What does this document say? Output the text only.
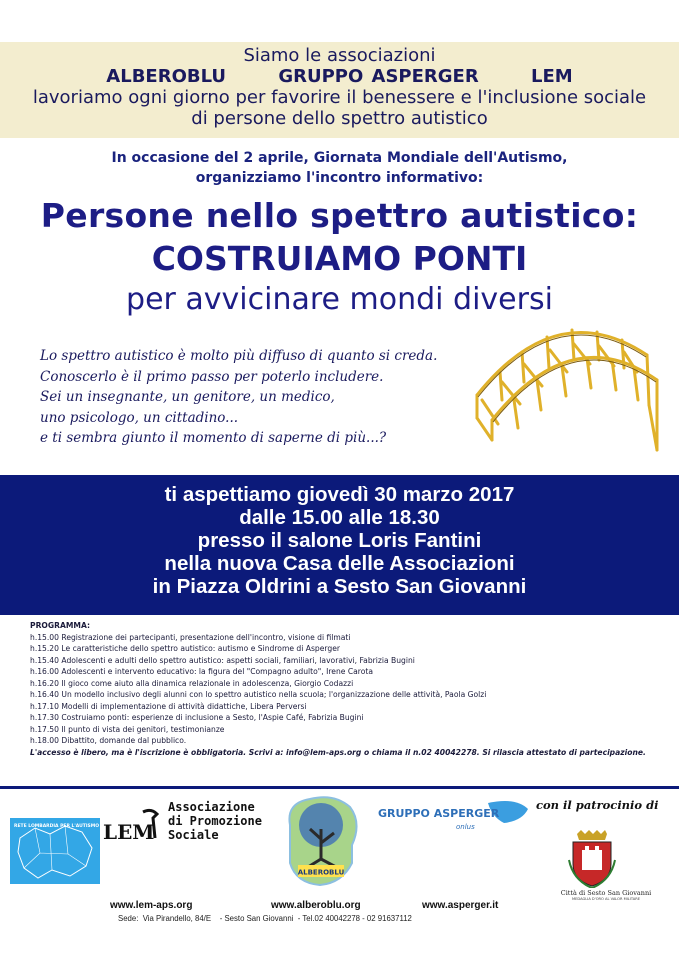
Siamo le associazioni
ALBEROBLU	GRUPPO ASPERGER	LEM
lavoriamo ogni giorno per favorire il benessere e l'inclusione sociale
di persone dello spettro autistico
In occasione del 2 aprile, Giornata Mondiale dell'Autismo,
organizziamo l'incontro informativo:
Persone nello spettro autistico:
COSTRUIAMO PONTI
per avvicinare mondi diversi
Lo spettro autistico è molto più diffuso di quanto si creda.
Conoscerlo è il primo passo per poterlo includere.
Sei un insegnante, un genitore, un medico,
uno psicologo, un cittadino...
e ti sembra giunto il momento di saperne di più...?
ti aspettiamo giovedì 30 marzo 2017
dalle 15.00 alle 18.30
presso il salone Loris Fantini
nella nuova Casa delle Associazioni
in Piazza Oldrini a Sesto San Giovanni
PROGRAMMA:
h.15.00 Registrazione dei partecipanti, presentazione dell'incontro, visione di filmati
h.15.20 Le caratteristiche dello spettro autistico: autismo e Sindrome di Asperger
h.15.40 Adolescenti e adulti dello spettro autistico: aspetti sociali, familiari, lavorativi, Fabrizia Bugini
h.16.00 Adolescenti e intervento educativo: la figura del "Compagno adulto", Irene Carota
h.16.20 Il gioco come aiuto alla dinamica relazionale in adolescenza, Giorgio Codazzi
h.16.40 Un modello inclusivo degli alunni con lo spettro autistico nella scuola; l'organizzazione delle attività, Paola Golzi
h.17.10 Modelli di implementazione di attività didattiche, Libera Perversi
h.17.30 Costruiamo ponti: esperienze di inclusione a Sesto, l'Aspie Café, Fabrizia Bugini
h.17.50 Il punto di vista dei genitori, testimonianze
h.18.00 Dibattito, domande dal pubblico.
L'accesso è libero, ma è l'iscrizione è obbligatoria. Scrivi a: info@lem-aps.org o chiama il n.02 40042278. Si rilascia attestato di partecipazione.
RETE LOMBARDIA PER L'AUTISMO LEM
Associazione
di Promozione
Sociale
ALBEROBLU
GRUPPO ASPERGER
onlus
con il patrocinio di
Città di Sesto San Giovanni
MEDAGLIA D'ORO AL VALOR MILITARE
www.lem-aps.org	www.alberoblu.org	www.asperger.it
Sede:  Via Pirandello, 84/E    - Sesto San Giovanni  - Tel.02 40042278 - 02 91637112
